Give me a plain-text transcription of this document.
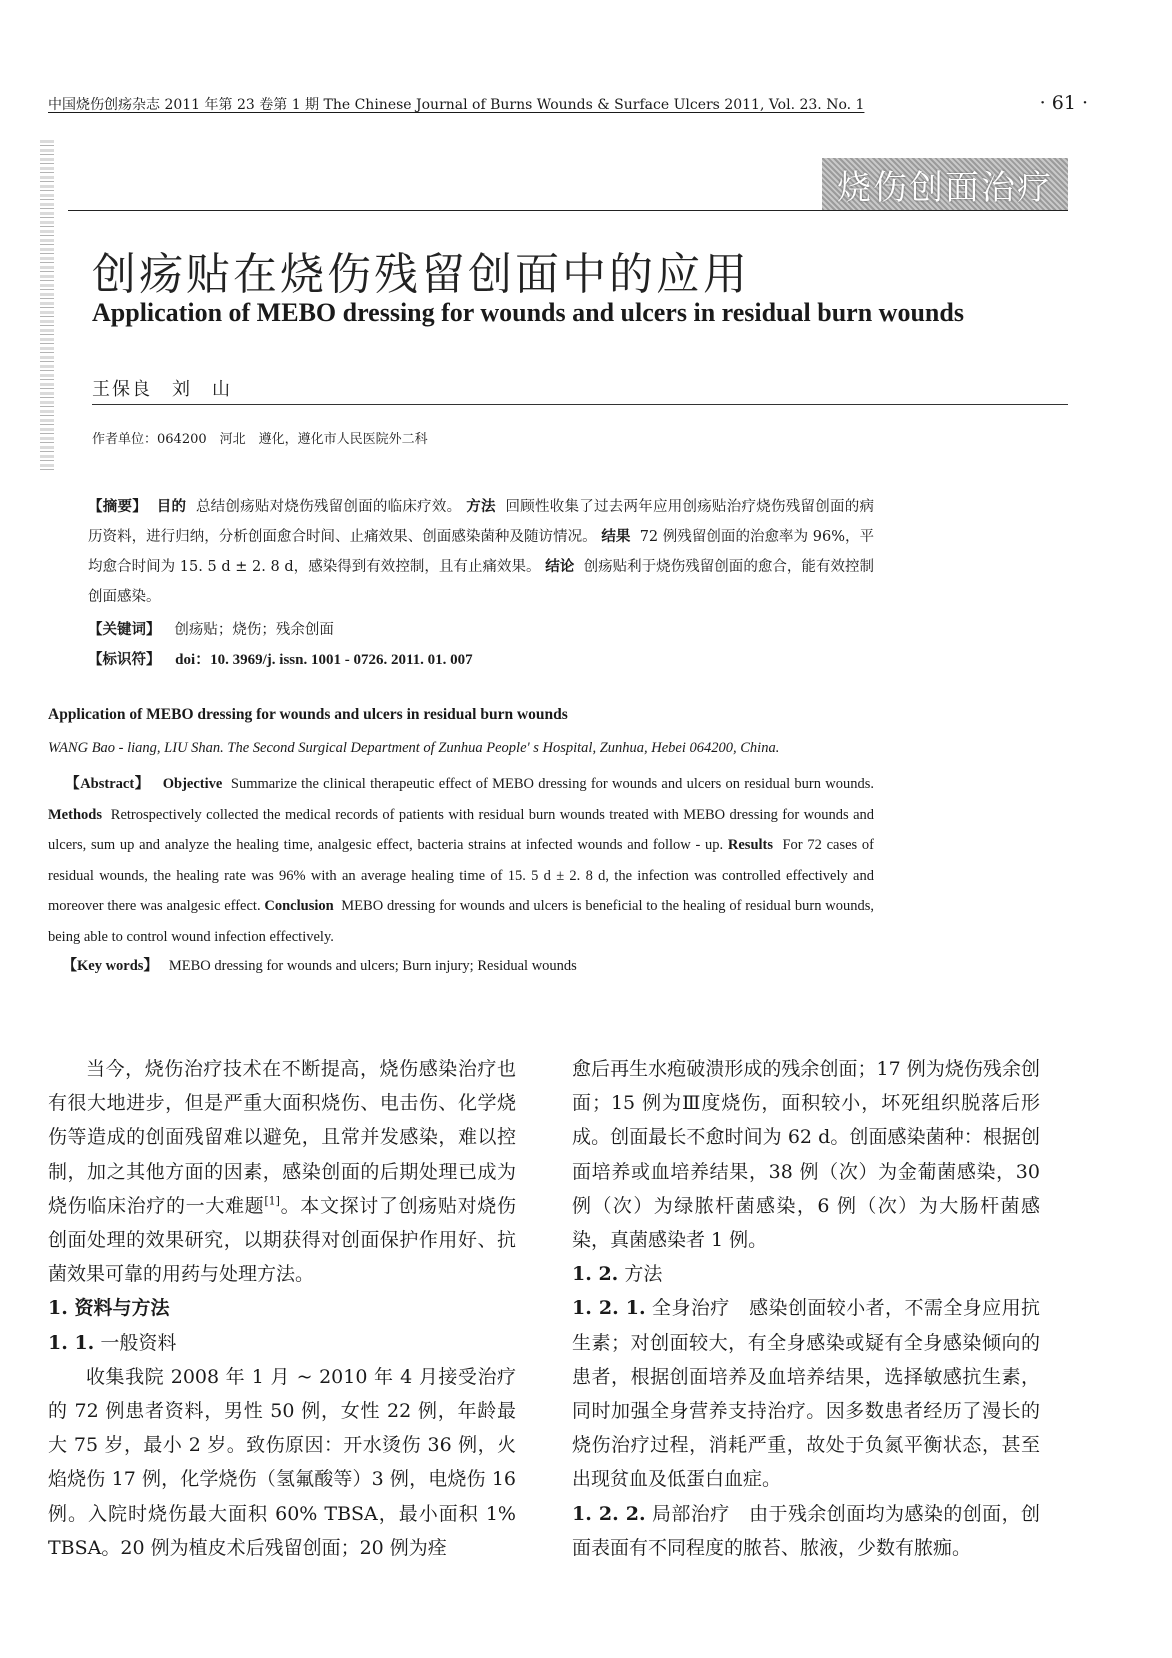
中国烧伤创疡杂志 2011 年第 23 卷第 1 期 The Chinese Journal of Burns Wounds & Surface Ulcers 2011, Vol. 23. No. 1	· 61 ·
烧伤创面治疗
创疡贴在烧伤残留创面中的应用
Application of MEBO dressing for wounds and ulcers in residual burn wounds
王保良　刘　山
作者单位：064200　河北　遵化，遵化市人民医院外二科
【摘要】 目的 总结创疡贴对烧伤残留创面的临床疗效。 方法 回顾性收集了过去两年应用创疡贴治疗烧伤残留创面的病历资料，进行归纳，分析创面愈合时间、止痛效果、创面感染菌种及随访情况。 结果 72 例残留创面的治愈率为 96%，平均愈合时间为 15. 5 d ± 2. 8 d，感染得到有效控制，且有止痛效果。 结论 创疡贴利于烧伤残留创面的愈合，能有效控制创面感染。
【关键词】 创疡贴；烧伤；残余创面
【标识符】 doi：10. 3969/j. issn. 1001 - 0726. 2011. 01. 007
Application of MEBO dressing for wounds and ulcers in residual burn wounds
WANG Bao - liang, LIU Shan. The Second Surgical Department of Zunhua People' s Hospital, Zunhua, Hebei 064200, China.
【Abstract】 Objective Summarize the clinical therapeutic effect of MEBO dressing for wounds and ulcers on residual burn wounds. Methods Retrospectively collected the medical records of patients with residual burn wounds treated with MEBO dressing for wounds and ulcers, sum up and analyze the healing time, analgesic effect, bacteria strains at infected wounds and follow - up. Results For 72 cases of residual wounds, the healing rate was 96% with an average healing time of 15. 5 d ± 2. 8 d, the infection was controlled effectively and moreover there was analgesic effect. Conclusion MEBO dressing for wounds and ulcers is beneficial to the healing of residual burn wounds, being able to control wound infection effectively.
【Key words】 MEBO dressing for wounds and ulcers; Burn injury; Residual wounds

当今，烧伤治疗技术在不断提高，烧伤感染治疗也有很大地进步，但是严重大面积烧伤、电击伤、化学烧伤等造成的创面残留难以避免，且常并发感染，难以控制，加之其他方面的因素，感染创面的后期处理已成为烧伤临床治疗的一大难题[1]。本文探讨了创疡贴对烧伤创面处理的效果研究，以期获得对创面保护作用好、抗菌效果可靠的用药与处理方法。

1. 资料与方法

1. 1. 一般资料

收集我院 2008 年 1 月 ~ 2010 年 4 月接受治疗的 72 例患者资料，男性 50 例，女性 22 例，年龄最大 75 岁，最小 2 岁。致伤原因：开水烫伤 36 例，火焰烧伤 17 例，化学烧伤（氢氟酸等）3 例，电烧伤 16 例。入院时烧伤最大面积 60% TBSA，最小面积 1% TBSA。20 例为植皮术后残留创面；20 例为痊

愈后再生水疱破溃形成的残余创面；17 例为烧伤残余创面；15 例为Ⅲ度烧伤，面积较小，坏死组织脱落后形成。创面最长不愈时间为 62 d。创面感染菌种：根据创面培养或血培养结果，38 例（次）为金葡菌感染，30 例（次）为绿脓杆菌感染，6 例（次）为大肠杆菌感染，真菌感染者 1 例。

1. 2. 方法

1. 2. 1. 全身治疗 感染创面较小者，不需全身应用抗生素；对创面较大，有全身感染或疑有全身感染倾向的患者，根据创面培养及血培养结果，选择敏感抗生素，同时加强全身营养支持治疗。因多数患者经历了漫长的烧伤治疗过程，消耗严重，故处于负氮平衡状态，甚至出现贫血及低蛋白血症。

1. 2. 2. 局部治疗 由于残余创面均为感染的创面，创面表面有不同程度的脓苔、脓液，少数有脓痂。
